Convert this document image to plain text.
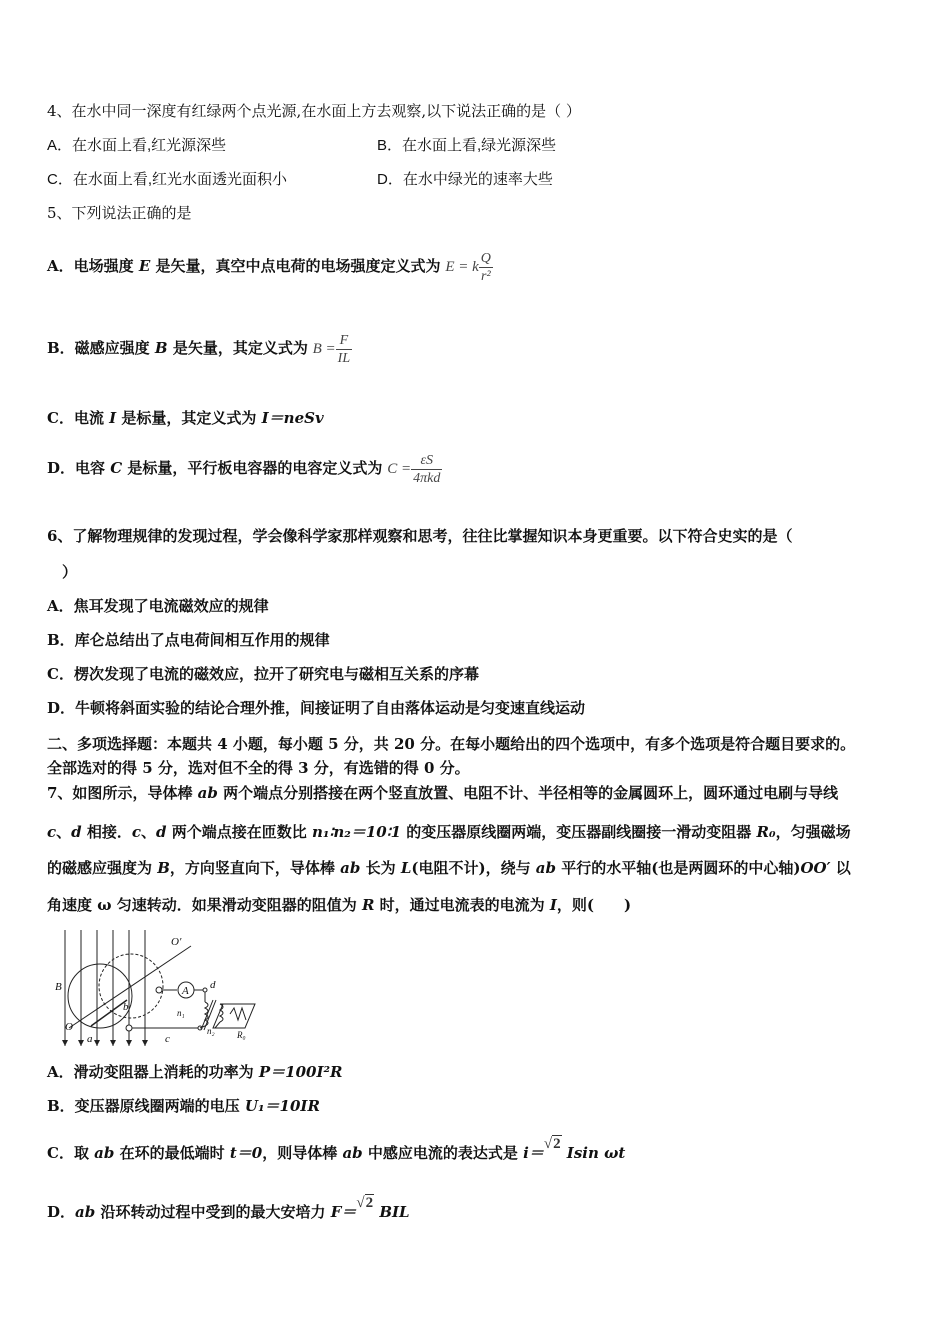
4、在水中同一深度有红绿两个点光源,在水面上方去观察,以下说法正确的是（ ）
A．在水面上看,红光源深些	B．在水面上看,绿光源深些
C．在水面上看,红光水面透光面积小	D．在水中绿光的速率大些
5、下列说法正确的是
A．电场强度 E 是矢量，真空中点电荷的电场强度定义式为 E = k $\frac{Q}{\text{r²}}$
B．磁感应强度 B 是矢量，其定义式为 $B = \frac{F}{IL}$
C．电流 I 是标量，其定义式为 I＝neSv
D．电容 C 是标量，平行板电容器的电容定义式为 $C = \frac{\varepsilon S}{\text{4πkd}}$
6、了解物理规律的发现过程，学会像科学家那样观察和思考，往往比掌握知识本身更重要。以下符合史实的是（
）
A．焦耳发现了电流磁效应的规律
B．库仑总结出了点电荷间相互作用的规律
C．楞次发现了电流的磁效应，拉开了研究电与磁相互关系的序幕
D．牛顿将斜面实验的结论合理外推，间接证明了自由落体运动是匀变速直线运动
二、多项选择题：本题共 4 小题，每小题 5 分，共 20 分。在每小题给出的四个选项中，有多个选项是符合题目要求的。
全部选对的得 5 分，选对但不全的得 3 分，有选错的得 0 分。
7、如图所示，导体棒 ab 两个端点分别搭接在两个竖直放置、电阻不计、半径相等的金属圆环上，圆环通过电刷与导线
c、d 相接．c、d 两个端点接在匝数比 n₁∶n₂＝10∶1 的变压器原线圈两端，变压器副线圈接一滑动变阻器 R₀，匀强磁场
的磁感应强度为 B，方向竖直向下，导体棒 ab 长为 L(电阻不计)，绕与 ab 平行的水平轴(也是两圆环的中心轴)OO′ 以
角速度 ω 匀速转动．如果滑动变阻器的阻值为 R 时，通过电流表的电流为 I，则(　　)
A
O′
B	d
n₁
n₂ R₀
b
O
a	c
A．滑动变阻器上消耗的功率为 P＝100I²R
B．变压器原线圈两端的电压 U₁＝10IR
C．取 ab 在环的最低端时 t＝0，则导体棒 ab 中感应电流的表达式是 i＝√2 Isin ωt
D．ab 沿环转动过程中受到的最大安培力 F＝√2 BIL
